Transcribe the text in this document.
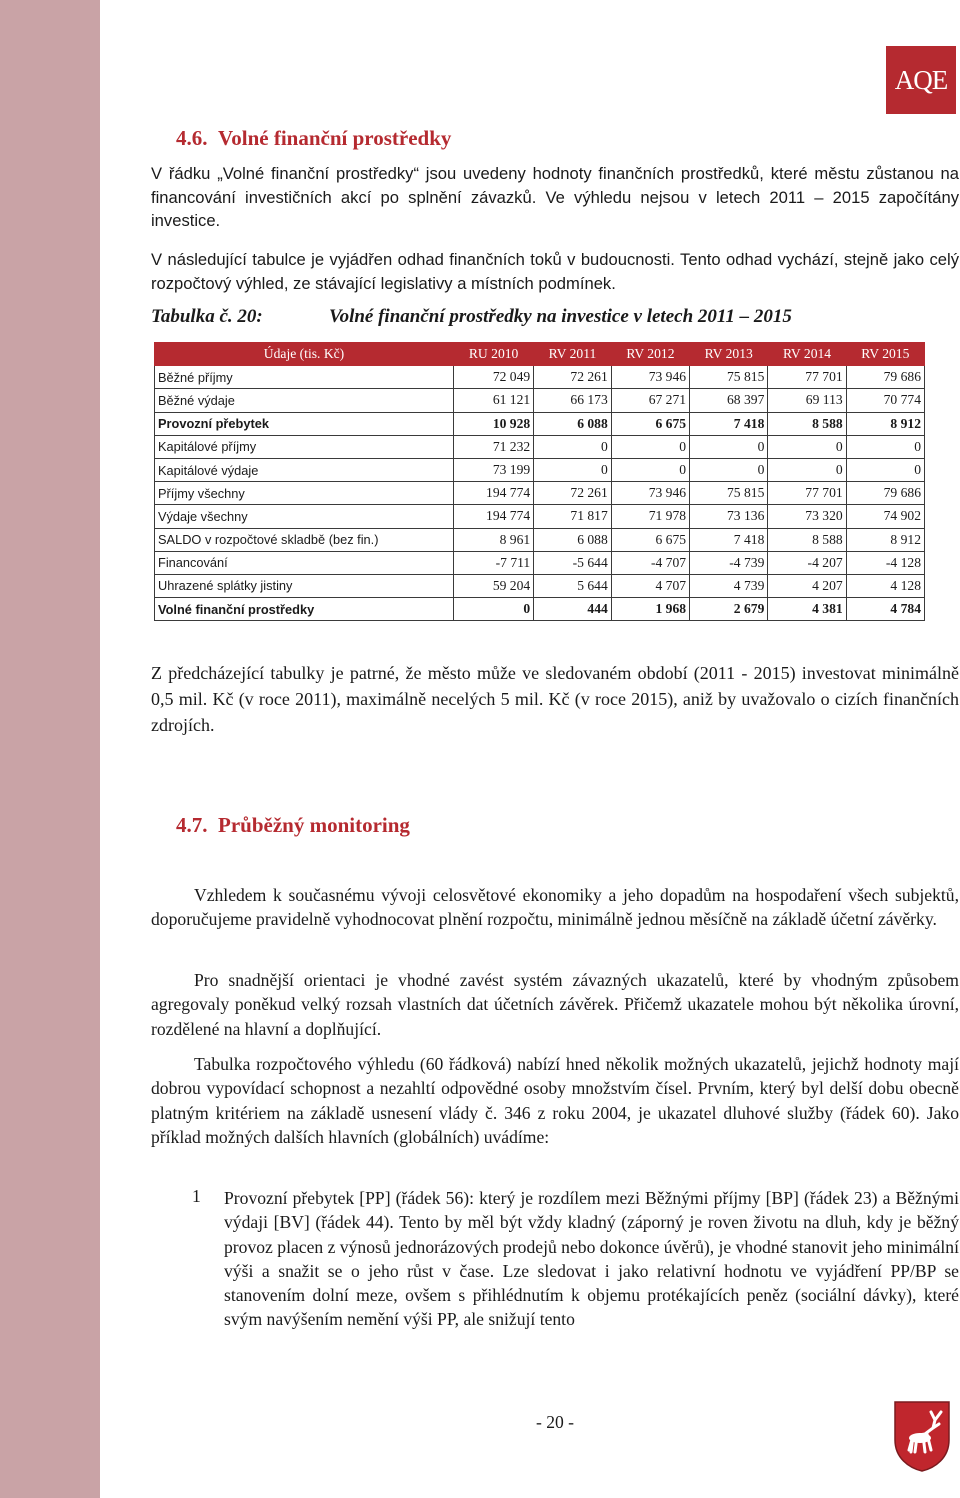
AQE
4.6. Volné finanční prostředky

V řádku „Volné finanční prostředky“ jsou uvedeny hodnoty finančních prostředků, které městu zůstanou na financování investičních akcí po splnění závazků. Ve výhledu nejsou v letech 2011 – 2015 započítány investice.

V následující tabulce je vyjádřen odhad finančních toků v budoucnosti. Tento odhad vychází, stejně jako celý rozpočtový výhled, ze stávající legislativy a místních podmínek.

Tabulka č. 20:	Volné finanční prostředky na investice v letech 2011 – 2015
Údaje (tis. Kč)	RU 2010	RV 2011	RV 2012	RV 2013	RV 2014	RV 2015
Běžné příjmy	72 049	72 261	73 946	75 815	77 701	79 686
Běžné výdaje	61 121	66 173	67 271	68 397	69 113	70 774
Provozní přebytek	10 928	6 088	6 675	7 418	8 588	8 912
Kapitálové příjmy	71 232	0	0	0	0	0
Kapitálové výdaje	73 199	0	0	0	0	0
Příjmy všechny	194 774	72 261	73 946	75 815	77 701	79 686
Výdaje všechny	194 774	71 817	71 978	73 136	73 320	74 902
SALDO v rozpočtové skladbě (bez fin.)	8 961	6 088	6 675	7 418	8 588	8 912
Financování	-7 711	-5 644	-4 707	-4 739	-4 207	-4 128
Uhrazené splátky jistiny	59 204	5 644	4 707	4 739	4 207	4 128
Volné finanční prostředky	0	444	1 968	2 679	4 381	4 784

Z předcházející tabulky je patrné, že město může ve sledovaném období (2011 - 2015) investovat minimálně 0,5 mil. Kč (v roce 2011), maximálně necelých 5 mil. Kč (v roce 2015), aniž by uvažovalo o cizích finančních zdrojích.

4.7. Průběžný monitoring

Vzhledem k současnému vývoji celosvětové ekonomiky a jeho dopadům na hospodaření všech subjektů, doporučujeme pravidelně vyhodnocovat plnění rozpočtu, minimálně jednou měsíčně na základě účetní závěrky.

Pro snadnější orientaci je vhodné zavést systém závazných ukazatelů, které by vhodným způsobem agregovaly poněkud velký rozsah vlastních dat účetních závěrek. Přičemž ukazatele mohou být několika úrovní, rozdělené na hlavní a doplňující.

Tabulka rozpočtového výhledu (60 řádková) nabízí hned několik možných ukazatelů, jejichž hodnoty mají dobrou vypovídací schopnost a nezahltí odpovědné osoby množstvím čísel. Prvním, který byl delší dobu obecně platným kritériem na základě usnesení vlády č. 346 z roku 2004, je ukazatel dluhové služby (řádek 60). Jako příklad možných dalších hlavních (globálních) uvádíme:

1	Provozní přebytek [PP] (řádek 56): který je rozdílem mezi Běžnými příjmy [BP] (řádek 23) a Běžnými výdaji [BV] (řádek 44). Tento by měl být vždy kladný (záporný je roven životu na dluh, kdy je běžný provoz placen z výnosů jednorázových prodejů nebo dokonce úvěrů), je vhodné stanovit jeho minimální výši a snažit se o jeho růst v čase. Lze sledovat i jako relativní hodnotu ve vyjádření PP/BP se stanovením dolní meze, ovšem s přihlédnutím k objemu protékajících peněz (sociální dávky), které svým navýšením nemění výši PP, ale snižují tento

- 20 -
